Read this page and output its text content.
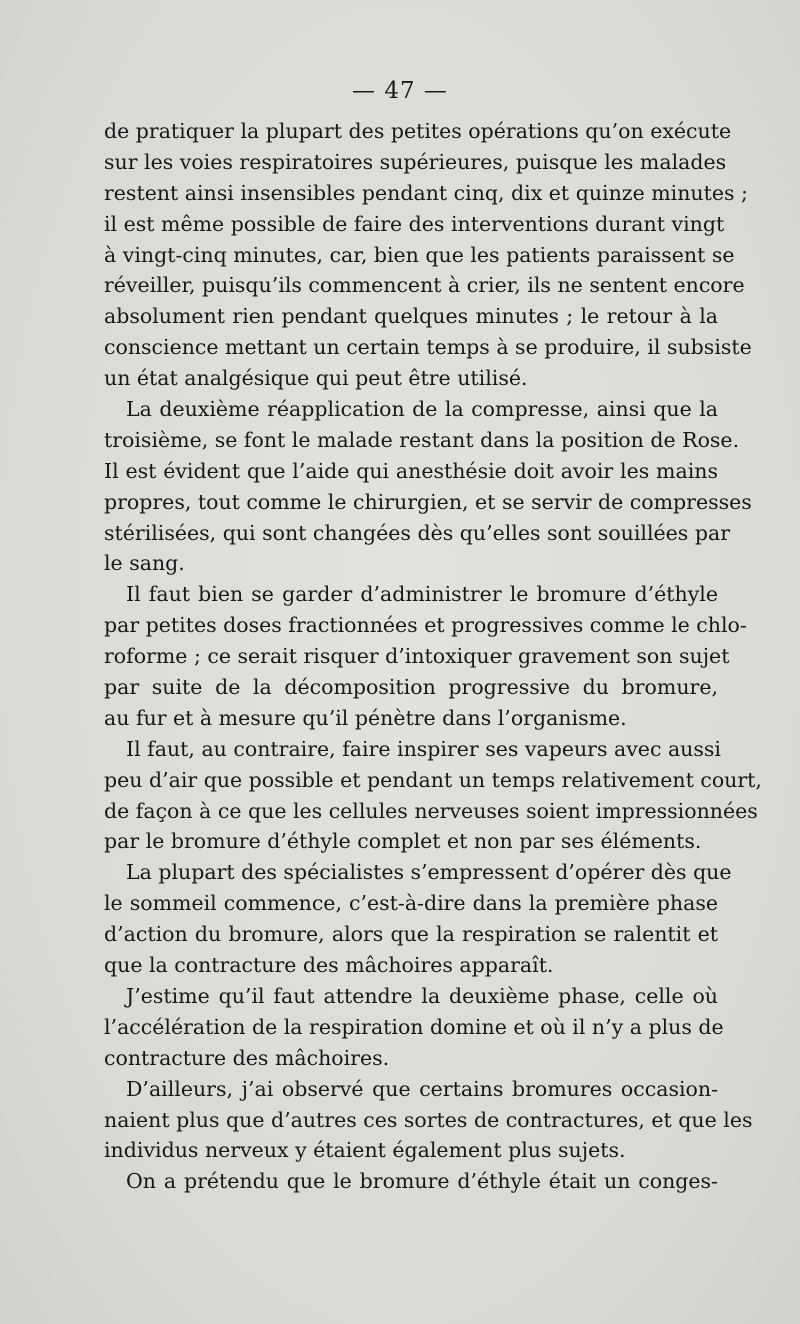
— 47 —
de pratiquer la plupart des petites opérations qu’on exécute
sur les voies respiratoires supérieures, puisque les malades
restent ainsi insensibles pendant cinq, dix et quinze minutes ;
il est même possible de faire des interventions durant vingt
à vingt-cinq minutes, car, bien que les patients paraissent se
réveiller, puisqu’ils commencent à crier, ils ne sentent encore
absolument rien pendant quelques minutes ; le retour à la
conscience mettant un certain temps à se produire, il subsiste
un état analgésique qui peut être utilisé.
La deuxième réapplication de la compresse, ainsi que la
troisième, se font le malade restant dans la position de Rose.
Il est évident que l’aide qui anesthésie doit avoir les mains
propres, tout comme le chirurgien, et se servir de compresses
stérilisées, qui sont changées dès qu’elles sont souillées par
le sang.
Il faut bien se garder d’administrer le bromure d’éthyle
par petites doses fractionnées et progressives comme le chlo-
roforme ; ce serait risquer d’intoxiquer gravement son sujet
par suite de la décomposition progressive du bromure,
au fur et à mesure qu’il pénètre dans l’organisme.
Il faut, au contraire, faire inspirer ses vapeurs avec aussi
peu d’air que possible et pendant un temps relativement court,
de façon à ce que les cellules nerveuses soient impressionnées
par le bromure d’éthyle complet et non par ses éléments.
La plupart des spécialistes s’empressent d’opérer dès que
le sommeil commence, c’est-à-dire dans la première phase
d’action du bromure, alors que la respiration se ralentit et
que la contracture des mâchoires apparaît.
J’estime qu’il faut attendre la deuxième phase, celle où
l’accélération de la respiration domine et où il n’y a plus de
contracture des mâchoires.
D’ailleurs, j’ai observé que certains bromures occasion-
naient plus que d’autres ces sortes de contractures, et que les
individus nerveux y étaient également plus sujets.
On a prétendu que le bromure d’éthyle était un conges-
